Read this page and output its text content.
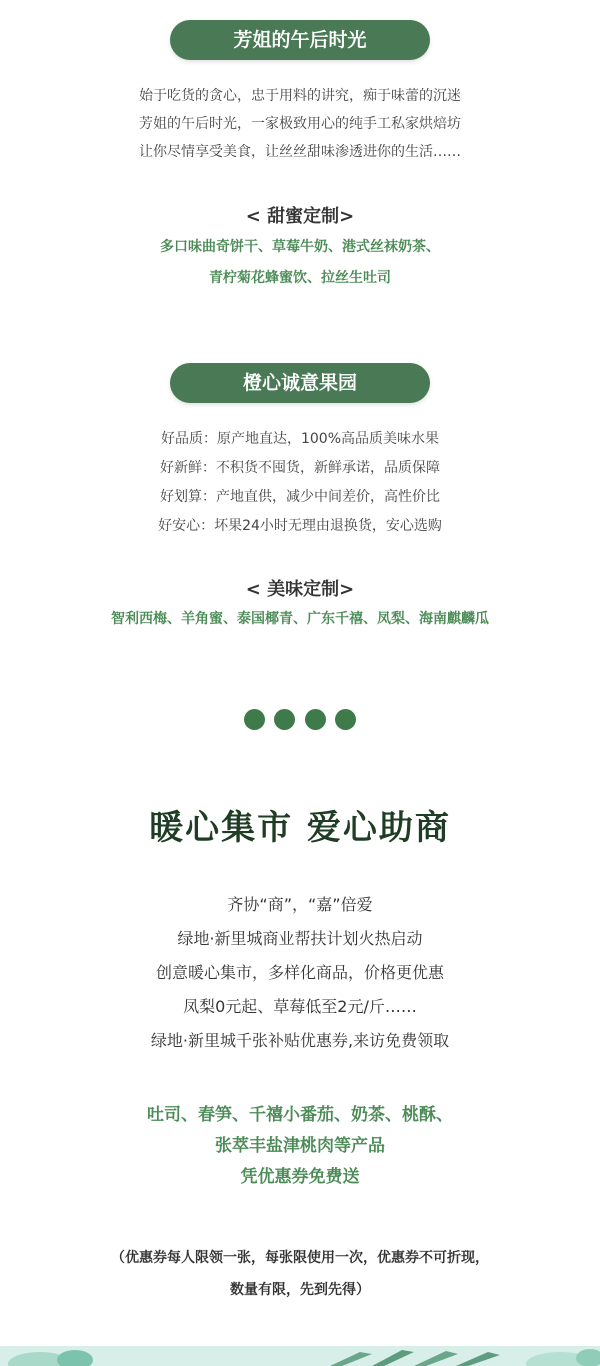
芳姐的午后时光
始于吃货的贪心，忠于用料的讲究，痴于味蕾的沉迷
芳姐的午后时光，一家极致用心的纯手工私家烘焙坊
让你尽情享受美食，让丝丝甜味渗透进你的生活……
< 甜蜜定制>
多口味曲奇饼干、草莓牛奶、港式丝袜奶茶、
青柠菊花蜂蜜饮、拉丝生吐司
橙心诚意果园
好品质：原产地直达，100%高品质美味水果
好新鲜：不积货不囤货，新鲜承诺，品质保障
好划算：产地直供，减少中间差价，高性价比
好安心：坏果24小时无理由退换货，安心选购
< 美味定制>
智利西梅、羊角蜜、泰国椰青、广东千禧、凤梨、海南麒麟瓜
暖心集市 爱心助商
齐协“商”，“嘉”倍爱
绿地·新里城商业帮扶计划火热启动
创意暖心集市，多样化商品，价格更优惠
凤梨0元起、草莓低至2元/斤……
绿地·新里城千张补贴优惠券,来访免费领取
吐司、春笋、千禧小番茄、奶茶、桃酥、
张萃丰盐津桃肉等产品
凭优惠券免费送
（优惠券每人限领一张，每张限使用一次，优惠券不可折现，
数量有限，先到先得）
